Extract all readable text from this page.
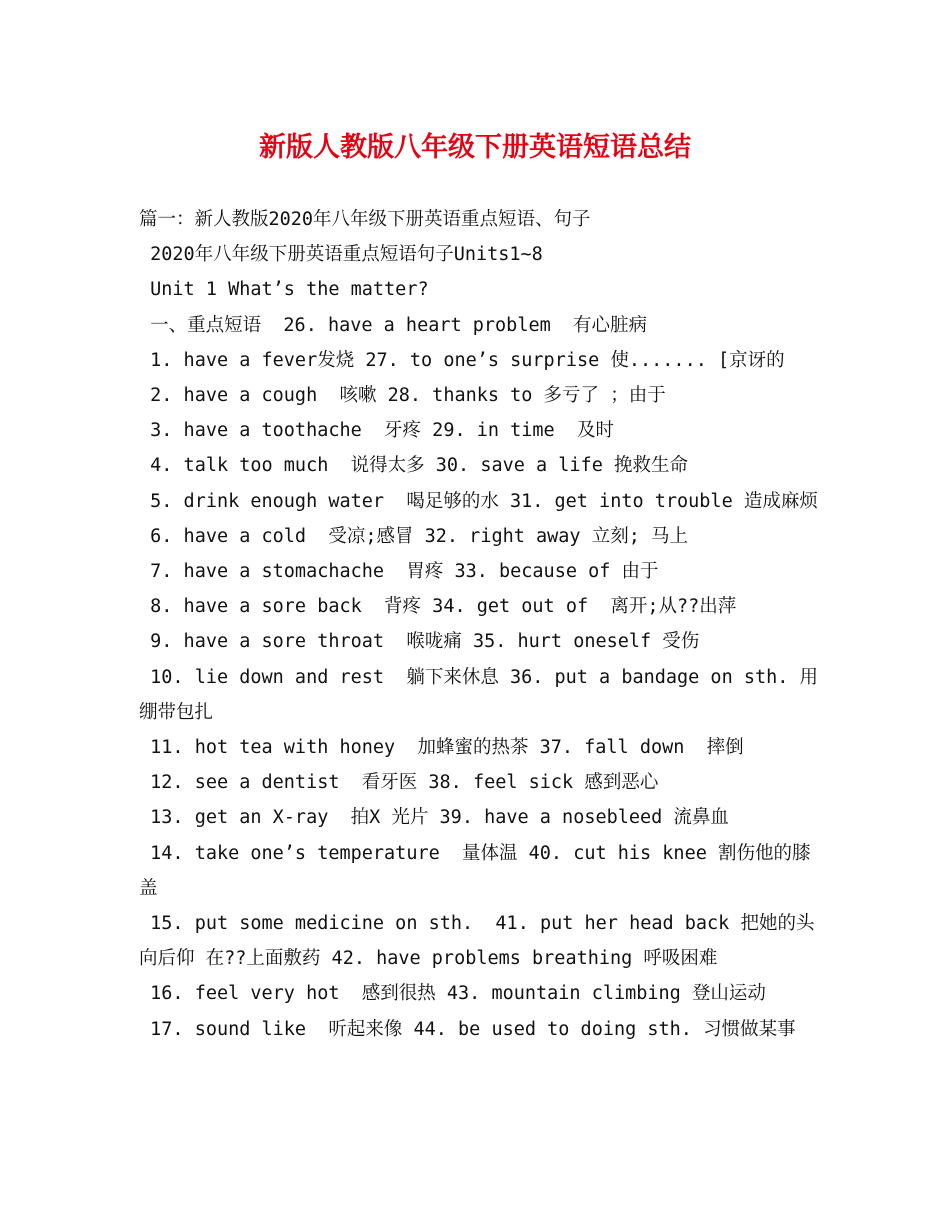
新版人教版八年级下册英语短语总结

篇一：新人教版2020年八年级下册英语重点短语、句子

2020年八年级下册英语重点短语句子Units1~8

Unit 1 What’s the matter?

一、重点短语  26. have a heart problem  有心脏病

1. have a fever发烧 27. to one’s surprise 使....... [京讶的

2. have a cough  咳嗽 28. thanks to 多亏了 ；由于

3. have a toothache  牙疼 29. in time  及时

4. talk too much  说得太多 30. save a life 挽救生命

5. drink enough water  喝足够的水 31. get into trouble 造成麻烦

6. have a cold  受凉;感冒 32. right away 立刻; 马上

7. have a stomachache  胃疼 33. because of 由于

8. have a sore back  背疼 34. get out of  离开;从??出萍

9. have a sore throat  喉咙痛 35. hurt oneself 受伤

10. lie down and rest  躺下来休息 36. put a bandage on sth. 用绷带包扎

11. hot tea with honey  加蜂蜜的热茶 37. fall down  摔倒

12. see a dentist  看牙医 38. feel sick 感到恶心

13. get an X-ray  拍X 光片 39. have a nosebleed 流鼻血

14. take one’s temperature  量体温 40. cut his knee 割伤他的膝盖

15. put some medicine on sth.  41. put her head back 把她的头向后仰 在??上面敷药 42. have problems breathing 呼吸困难

16. feel very hot  感到很热 43. mountain climbing 登山运动

17. sound like  听起来像 44. be used to doing sth. 习惯做某事
